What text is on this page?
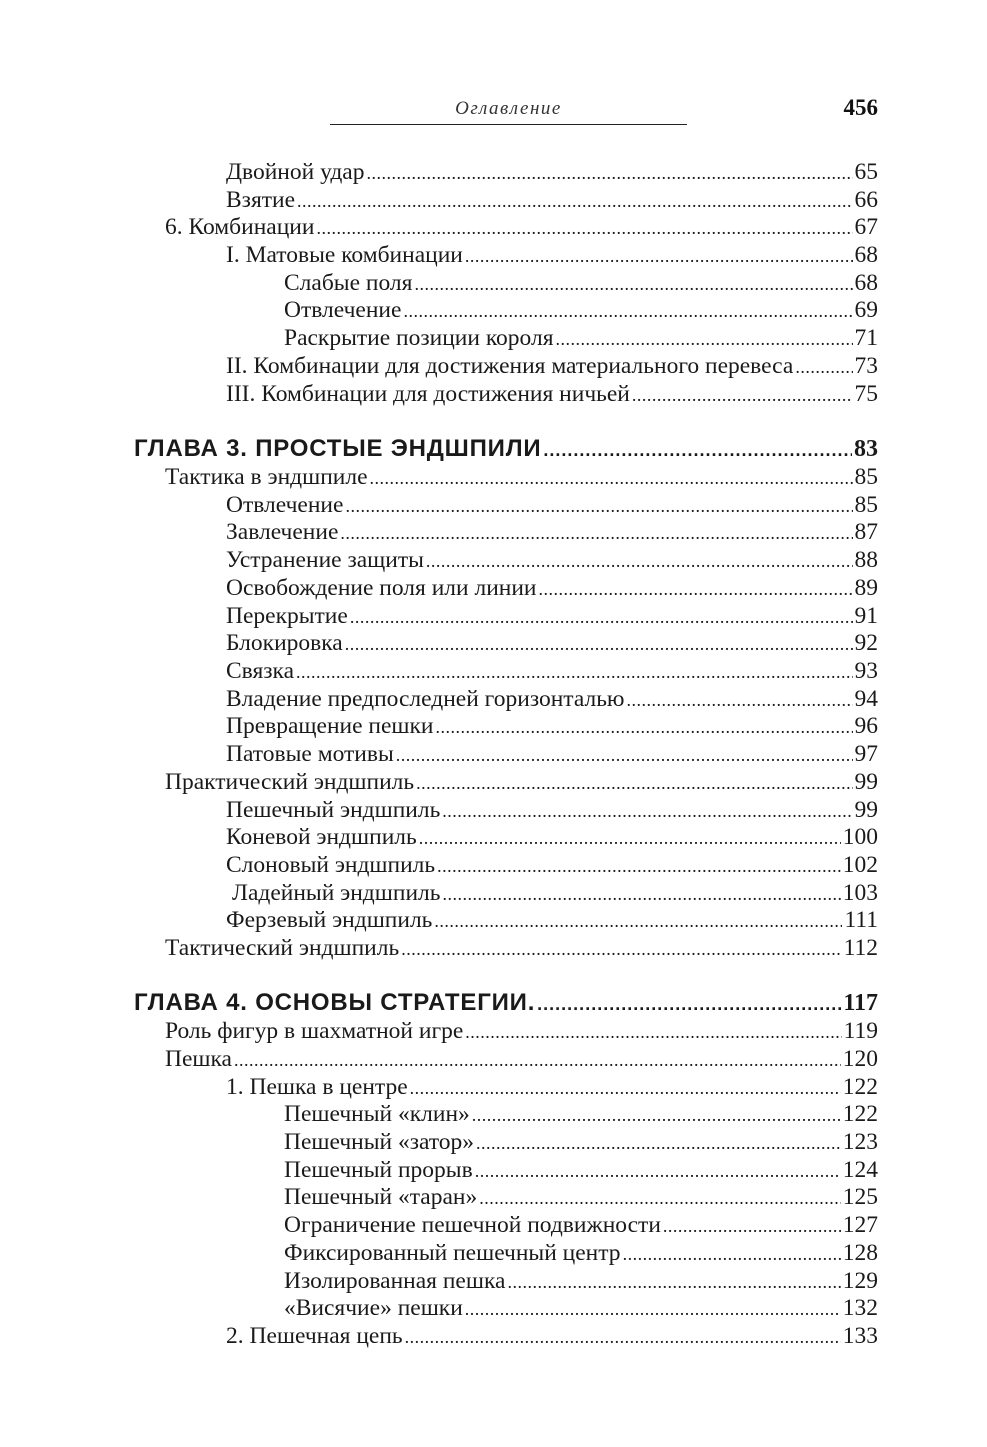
Оглавление	456
Двойной удар . . .	65
Взятие . . .	66
6. Комбинации . . .	67
I. Матовые комбинации . . .	68
Слабые поля . . .	68
Отвлечение . . .	69
Раскрытие позиции короля . . .	71
II. Комбинации для достижения материального перевеса . . .	73
III. Комбинации для достижения ничьей . . .	75
ГЛАВА 3. ПРОСТЫЕ ЭНДШПИЛИ . . .	83
Тактика в эндшпиле . . .	85
Отвлечение . . .	85
Завлечение . . .	87
Устранение защиты . . .	88
Освобождение поля или линии . . .	89
Перекрытие . . .	91
Блокировка . . .	92
Связка . . .	93
Владение предпоследней горизонталью . . .	94
Превращение пешки . . .	96
Патовые мотивы . . .	97
Практический эндшпиль . . .	99
Пешечный эндшпиль . . .	99
Коневой эндшпиль . . .	100
Слоновый эндшпиль . . .	102
Ладейный эндшпиль . . .	103
Ферзевый эндшпиль . . .	111
Тактический эндшпиль . . .	112
ГЛАВА 4. ОСНОВЫ СТРАТЕГИИ. . . .	117
Роль фигур в шахматной игре . . .	119
Пешка . . .	120
1. Пешка в центре . . .	122
Пешечный «клин» . . .	122
Пешечный «затор» . . .	123
Пешечный прорыв . . .	124
Пешечный «таран» . . .	125
Ограничение пешечной подвижности . . .	127
Фиксированный пешечный центр . . .	128
Изолированная пешка . . .	129
«Висячие» пешки . . .	132
2. Пешечная цепь . . .	133
